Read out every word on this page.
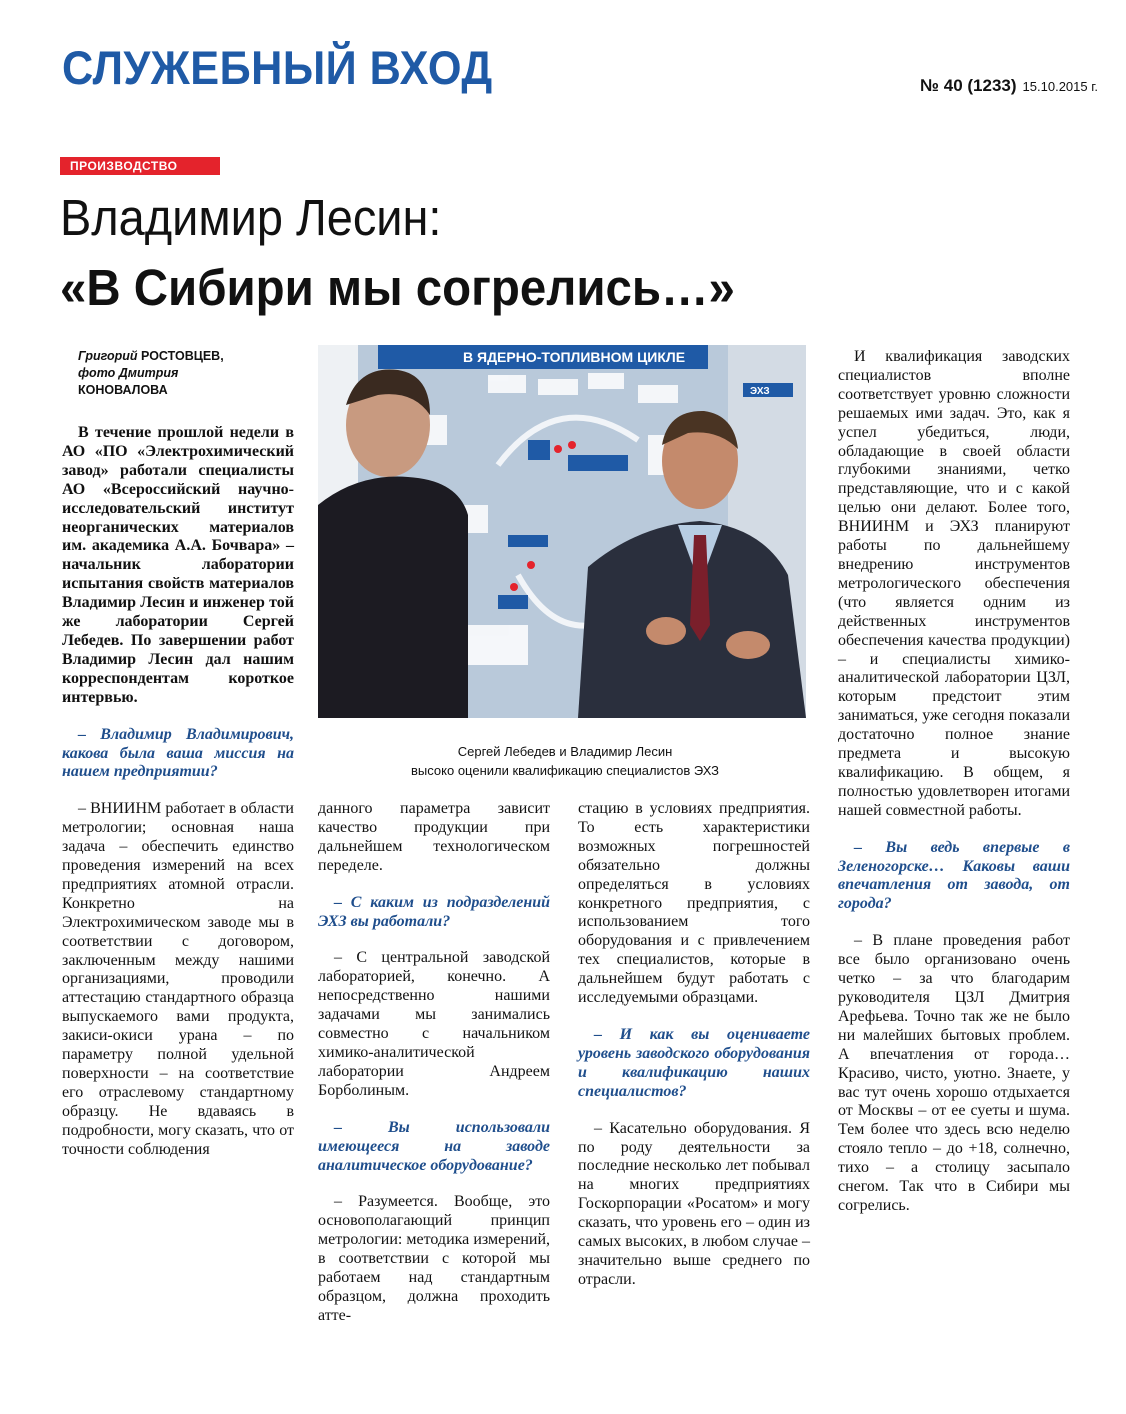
СЛУЖЕБНЫЙ ВХОД	№ 40 (1233) 15.10.2015 г.
ПРОИЗВОДСТВО
Владимир Лесин:
«В Сибири мы согрелись…»
Григорий РОСТОВЦЕВ,
фото Дмитрия
КОНОВАЛОВА
В ЯДЕРНО-ТОПЛИВНОМ ЦИКЛЕ
ЭХЗ
Сергей Лебедев и Владимир Лесин
высоко оценили квалификацию специалистов ЭХЗ

В течение прошлой недели в АО «ПО «Электрохимический завод» работали специалисты АО «Всероссийский научно-исследовательский институт неорганических материалов им. академика А.А. Бочвара» – начальник лаборатории испытания свойств материалов Владимир Лесин и инженер той же лаборатории Сергей Лебедев. По завершении работ Владимир Лесин дал нашим корреспондентам короткое интервью.

– Владимир Владимирович, какова была ваша миссия на нашем предприятии?

– ВНИИНМ работает в области метрологии; основная наша задача – обеспечить единство проведения измерений на всех предприятиях атомной отрасли. Конкретно на Электрохимическом заводе мы в соответствии с договором, заключенным между нашими организациями, проводили аттестацию стандартного образца выпускаемого вами продукта, закиси-окиси урана – по параметру полной удельной поверхности – на соответствие его отраслевому стандартному образцу. Не вдаваясь в подробности, могу сказать, что от точности соблюдения

данного параметра зависит качество продукции при дальнейшем технологическом переделе.

– С каким из подразделений ЭХЗ вы работали?

– С центральной заводской лабораторией, конечно. А непосредственно нашими задачами мы занимались совместно с начальником химико-аналитической лаборатории Андреем Борболиным.

– Вы использовали имеющееся на заводе аналитическое оборудование?

– Разумеется. Вообще, это основополагающий принцип метрологии: методика измерений, в соответствии с которой мы работаем над стандартным образцом, должна проходить атте-

стацию в условиях предприятия. То есть характеристики возможных погрешностей обязательно должны определяться в условиях конкретного предприятия, с использованием того оборудования и с привлечением тех специалистов, которые в дальнейшем будут работать с исследуемыми образцами.

– И как вы оцениваете уровень заводского оборудования и квалификацию наших специалистов?

– Касательно оборудования. Я по роду деятельности за последние несколько лет побывал на многих предприятиях Госкорпорации «Росатом» и могу сказать, что уровень его – один из самых высоких, в любом случае – значительно выше среднего по отрасли.

И квалификация заводских специалистов вполне соответствует уровню сложности решаемых ими задач. Это, как я успел убедиться, люди, обладающие в своей области глубокими знаниями, четко представляющие, что и с какой целью они делают. Более того, ВНИИНМ и ЭХЗ планируют работы по дальнейшему внедрению инструментов метрологического обеспечения (что является одним из действенных инструментов обеспечения качества продукции) – и специалисты химико-аналитической лаборатории ЦЗЛ, которым предстоит этим заниматься, уже сегодня показали достаточно полное знание предмета и высокую квалификацию. В общем, я полностью удовлетворен итогами нашей совместной работы.

– Вы ведь впервые в Зеленогорске… Каковы ваши впечатления от завода, от города?

– В плане проведения работ все было организовано очень четко – за что благодарим руководителя ЦЗЛ Дмитрия Арефьева. Точно так же не было ни малейших бытовых проблем. А впечатления от города… Красиво, чисто, уютно. Знаете, у вас тут очень хорошо отдыхается от Москвы – от ее суеты и шума. Тем более что здесь всю неделю стояло тепло – до +18, солнечно, тихо – а столицу засыпало снегом. Так что в Сибири мы согрелись.
